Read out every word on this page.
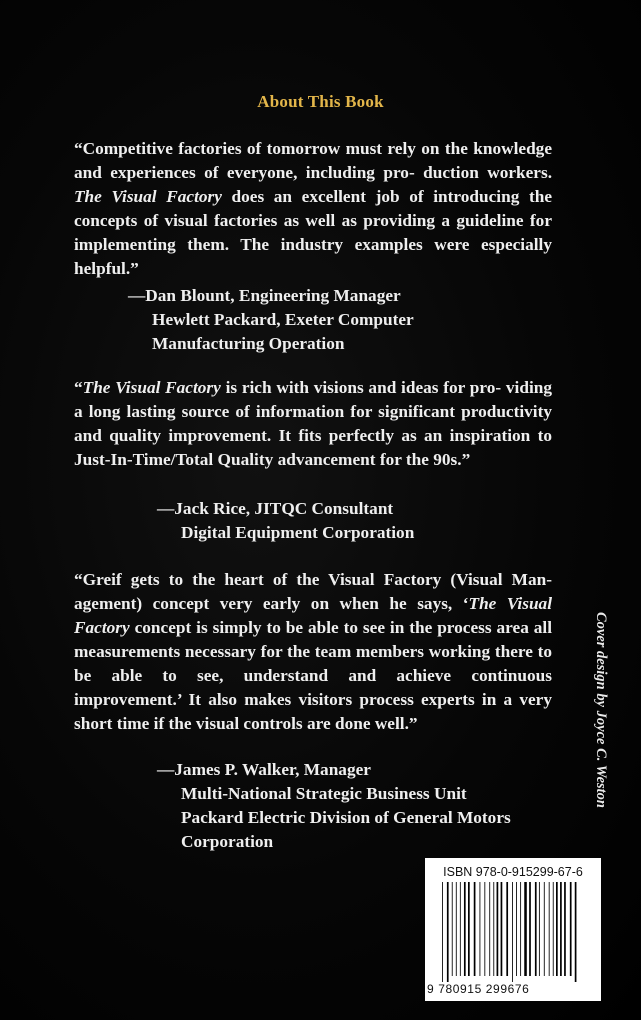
About This Book
“Competitive factories of tomorrow must rely on the knowledge and experiences of everyone, including pro- duction workers. The Visual Factory does an excellent job of introducing the concepts of visual factories as well as providing a guideline for implementing them. The industry examples were especially helpful.”
—Dan Blount, Engineering Manager
Hewlett Packard, Exeter Computer
Manufacturing Operation
“The Visual Factory is rich with visions and ideas for pro- viding a long lasting source of information for significant productivity and quality improvement. It fits perfectly as an inspiration to Just-In-Time/Total Quality advancement for the 90s.”
—Jack Rice, JITQC Consultant
Digital Equipment Corporation
“Greif gets to the heart of the Visual Factory (Visual Man- agement) concept very early on when he says, ‘The Visual Factory concept is simply to be able to see in the process area all measurements necessary for the team members working there to be able to see, understand and achieve continuous improvement.’ It also makes visitors process experts in a very short time if the visual controls are done well.”
—James P. Walker, Manager
Multi-National Strategic Business Unit
Packard Electric Division of General Motors
Corporation
Cover design by Joyce C. Weston
ISBN 978-0-915299-67-6
9 780915 299676
